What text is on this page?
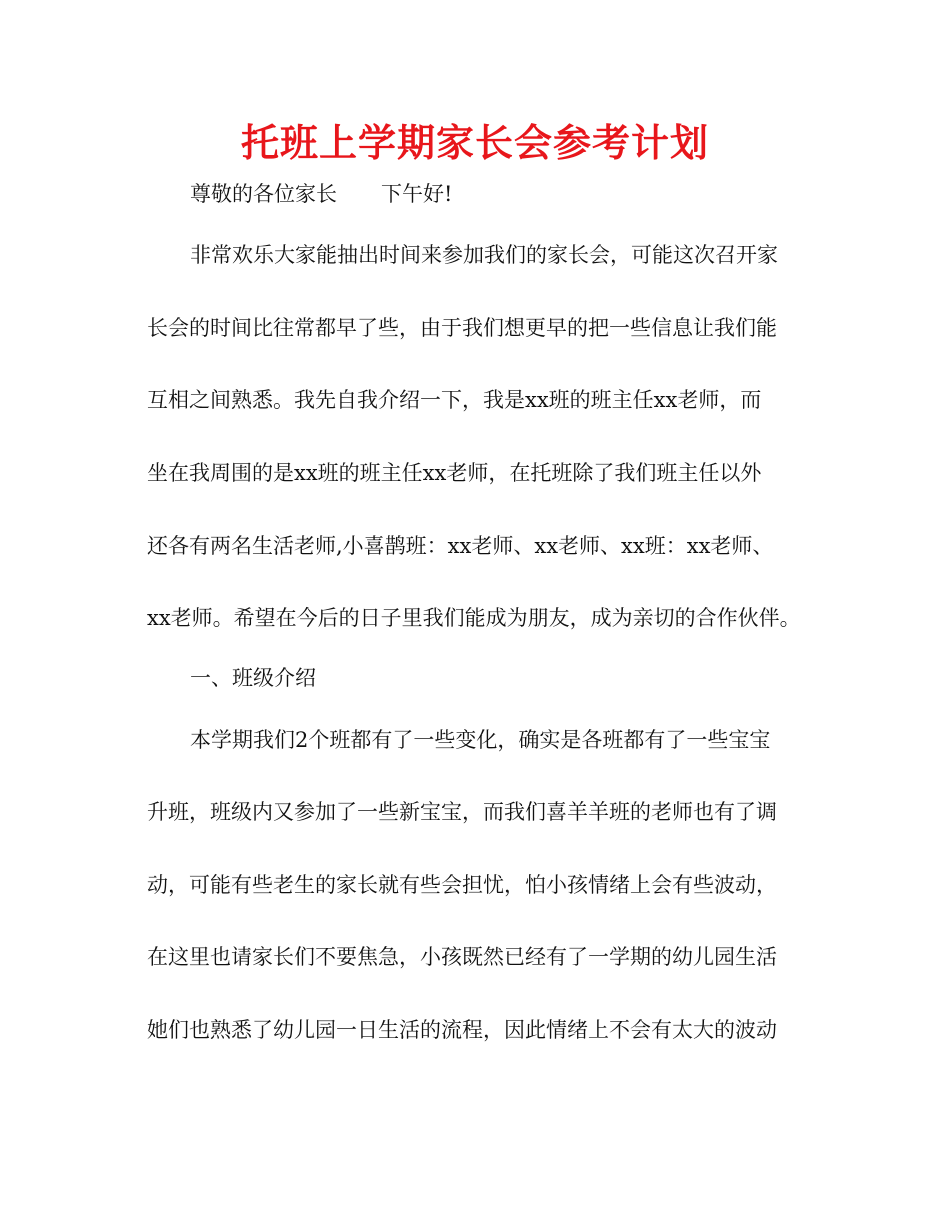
托班上学期家长会参考计划
尊敬的各位家长 下午好!
非常欢乐大家能抽出时间来参加我们的家长会，可能这次召开家
长会的时间比往常都早了些，由于我们想更早的把一些信息让我们能
互相之间熟悉。我先自我介绍一下，我是xx班的班主任xx老师，而
坐在我周围的是xx班的班主任xx老师，在托班除了我们班主任以外
还各有两名生活老师,小喜鹊班：xx老师、xx老师、xx班：xx老师、
xx老师。希望在今后的日子里我们能成为朋友，成为亲切的合作伙伴。
一、班级介绍
本学期我们2个班都有了一些变化，确实是各班都有了一些宝宝
升班，班级内又参加了一些新宝宝，而我们喜羊羊班的老师也有了调
动，可能有些老生的家长就有些会担忧，怕小孩情绪上会有些波动，
在这里也请家长们不要焦急，小孩既然已经有了一学期的幼儿园生活
她们也熟悉了幼儿园一日生活的流程，因此情绪上不会有太大的波动
